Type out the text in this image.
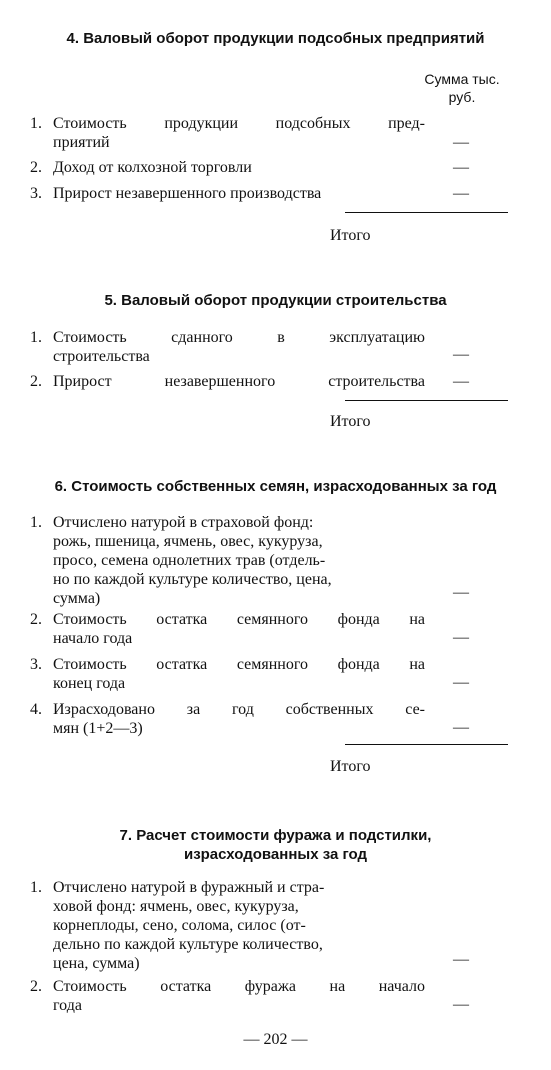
4. Валовый оборот продукции подсобных предприятий
Сумма тыс.
руб.
1. Стоимость продукции подсобных пред-
приятий	—
2. Доход от колхозной торговли	—
3. Прирост незавершенного производства	—
Итого
5. Валовый оборот продукции строительства
1. Стоимость сданного в эксплуатацию
строительства	—
2. Прирост незавершенного строительства —
Итого
6. Стоимость собственных семян, израсходованных за год
1. Отчислено натурой в страховой фонд:
рожь, пшеница, ячмень, овес, кукуруза,
просо, семена однолетних трав (отдель-
но по каждой культуре количество, цена,
сумма)	—
2. Стоимость остатка семянного фонда на
начало года	—
3. Стоимость остатка семянного фонда на
конец года	—
4. Израсходовано за год собственных се-
мян (1+2—3)	—
Итого
7. Расчет стоимости фуража и подстилки,
израсходованных за год
1. Отчислено натурой в фуражный и стра-
ховой фонд: ячмень, овес, кукуруза,
корнеплоды, сено, солома, силос (от-
дельно по каждой культуре количество,
цена, сумма)	—
2. Стоимость остатка фуража на начало
года	—
— 202 —
